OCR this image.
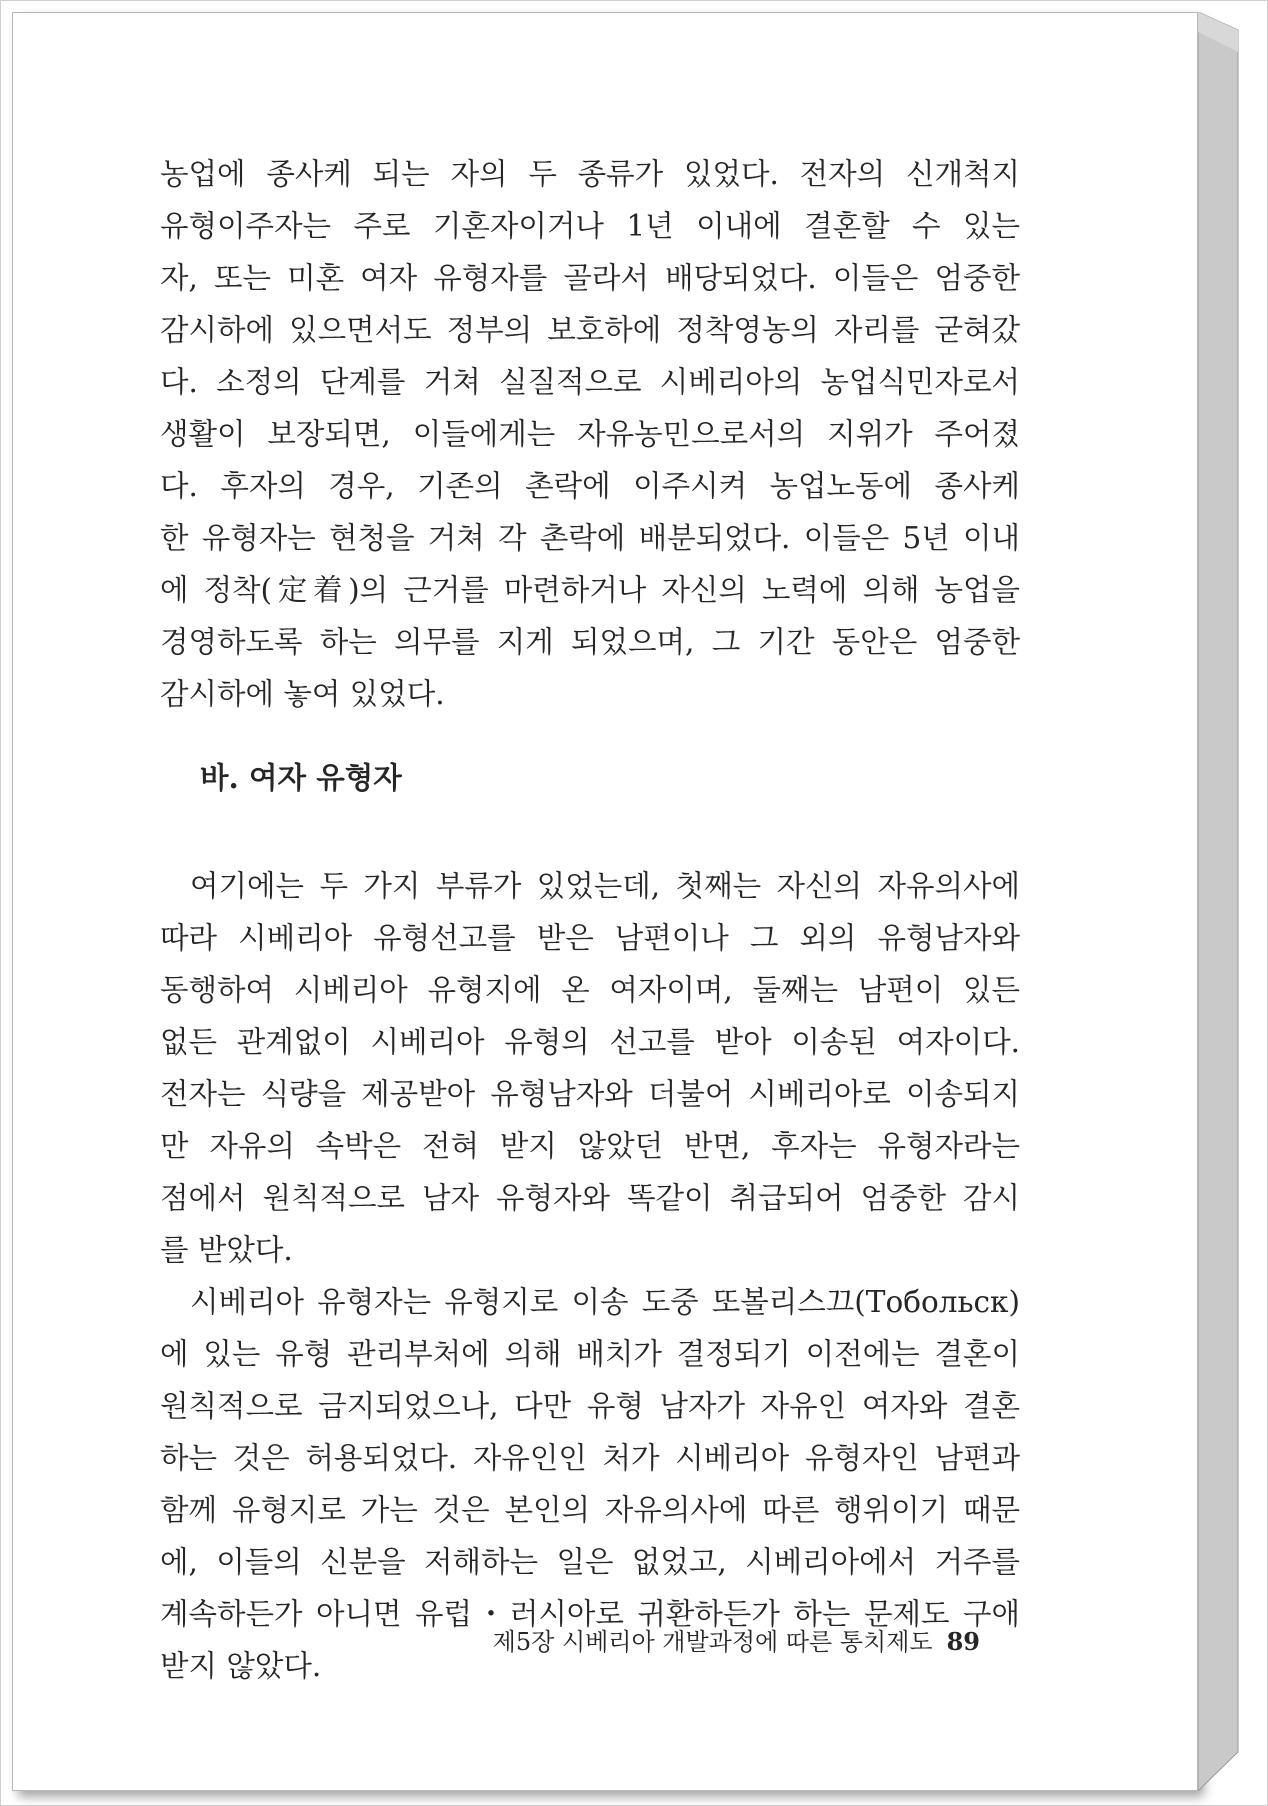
농업에 종사케 되는 자의 두 종류가 있었다. 전자의 신개척지
유형이주자는 주로 기혼자이거나 1년 이내에 결혼할 수 있는
자, 또는 미혼 여자 유형자를 골라서 배당되었다. 이들은 엄중한
감시하에 있으면서도 정부의 보호하에 정착영농의 자리를 굳혀갔
다. 소정의 단계를 거쳐 실질적으로 시베리아의 농업식민자로서
생활이 보장되면, 이들에게는 자유농민으로서의 지위가 주어졌
다. 후자의 경우, 기존의 촌락에 이주시켜 농업노동에 종사케
한 유형자는 현청을 거쳐 각 촌락에 배분되었다. 이들은 5년 이내
에 정착(定着)의 근거를 마련하거나 자신의 노력에 의해 농업을
경영하도록 하는 의무를 지게 되었으며, 그 기간 동안은 엄중한
감시하에 놓여 있었다.
바. 여자 유형자
여기에는 두 가지 부류가 있었는데, 첫째는 자신의 자유의사에
따라 시베리아 유형선고를 받은 남편이나 그 외의 유형남자와
동행하여 시베리아 유형지에 온 여자이며, 둘째는 남편이 있든
없든 관계없이 시베리아 유형의 선고를 받아 이송된 여자이다.
전자는 식량을 제공받아 유형남자와 더불어 시베리아로 이송되지
만 자유의 속박은 전혀 받지 않았던 반면, 후자는 유형자라는
점에서 원칙적으로 남자 유형자와 똑같이 취급되어 엄중한 감시
를 받았다.
시베리아 유형자는 유형지로 이송 도중 또볼리스끄(Тобольск)
에 있는 유형 관리부처에 의해 배치가 결정되기 이전에는 결혼이
원칙적으로 금지되었으나, 다만 유형 남자가 자유인 여자와 결혼
하는 것은 허용되었다. 자유인인 처가 시베리아 유형자인 남편과
함께 유형지로 가는 것은 본인의 자유의사에 따른 행위이기 때문
에, 이들의 신분을 저해하는 일은 없었고, 시베리아에서 거주를
계속하든가 아니면 유럽・러시아로 귀환하든가 하는 문제도 구애
받지 않았다.
제5장 시베리아 개발과정에 따른 통치제도 89
